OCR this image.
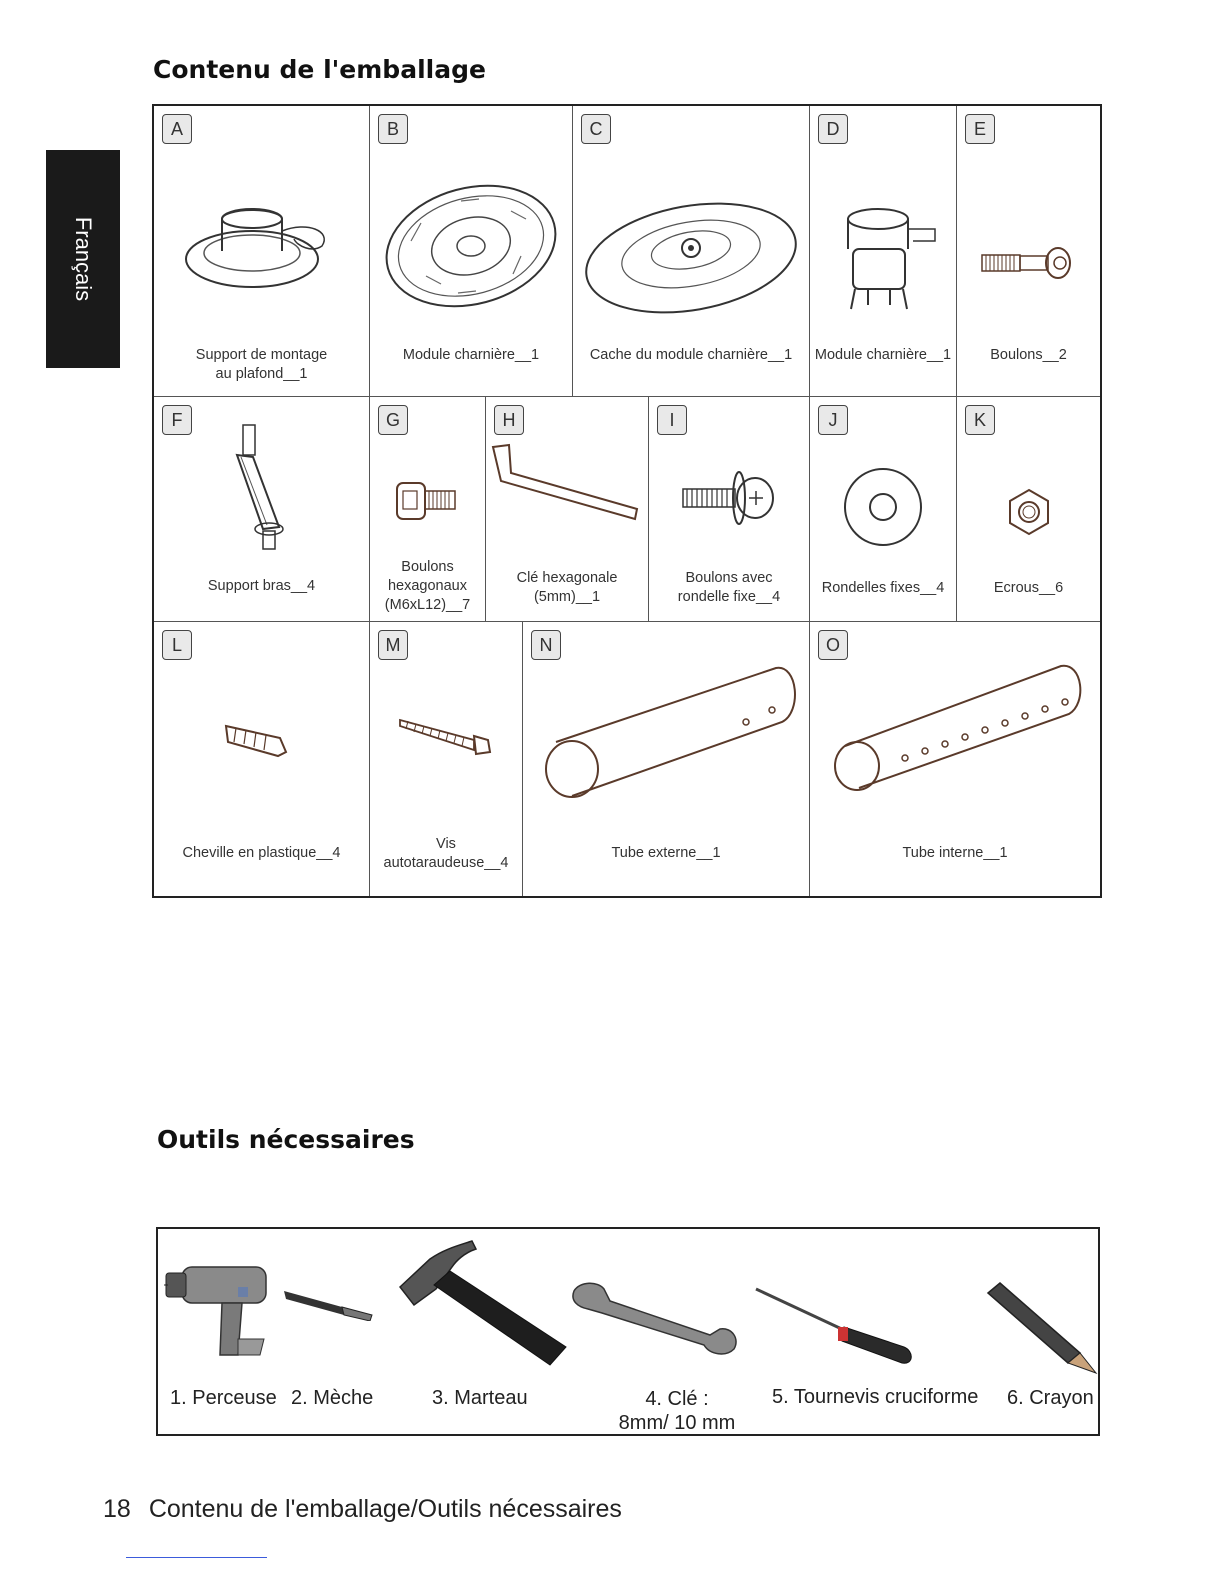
Contenu de l'emballage
Français
A
Support de montage
au plafond__1
B
Module charnière__1
C
Cache du module charnière__1
D
Module charnière__1
E
Boulons__2
F
Support bras__4
G
Boulons
hexagonaux
(M6xL12)__7
H
Clé hexagonale
(5mm)__1
I
Boulons avec
rondelle fixe__4
J
Rondelles fixes__4
K
Ecrous__6
L
Cheville en plastique__4
M
Vis
autotaraudeuse__4
N
Tube externe__1
O
Tube interne__1
Outils nécessaires
1. Perceuse 2. Mèche	3. Marteau	4. Clé :
8mm/ 10 mm
5. Tournevis cruciforme 6. Crayon
18 Contenu de l'emballage/Outils nécessaires
